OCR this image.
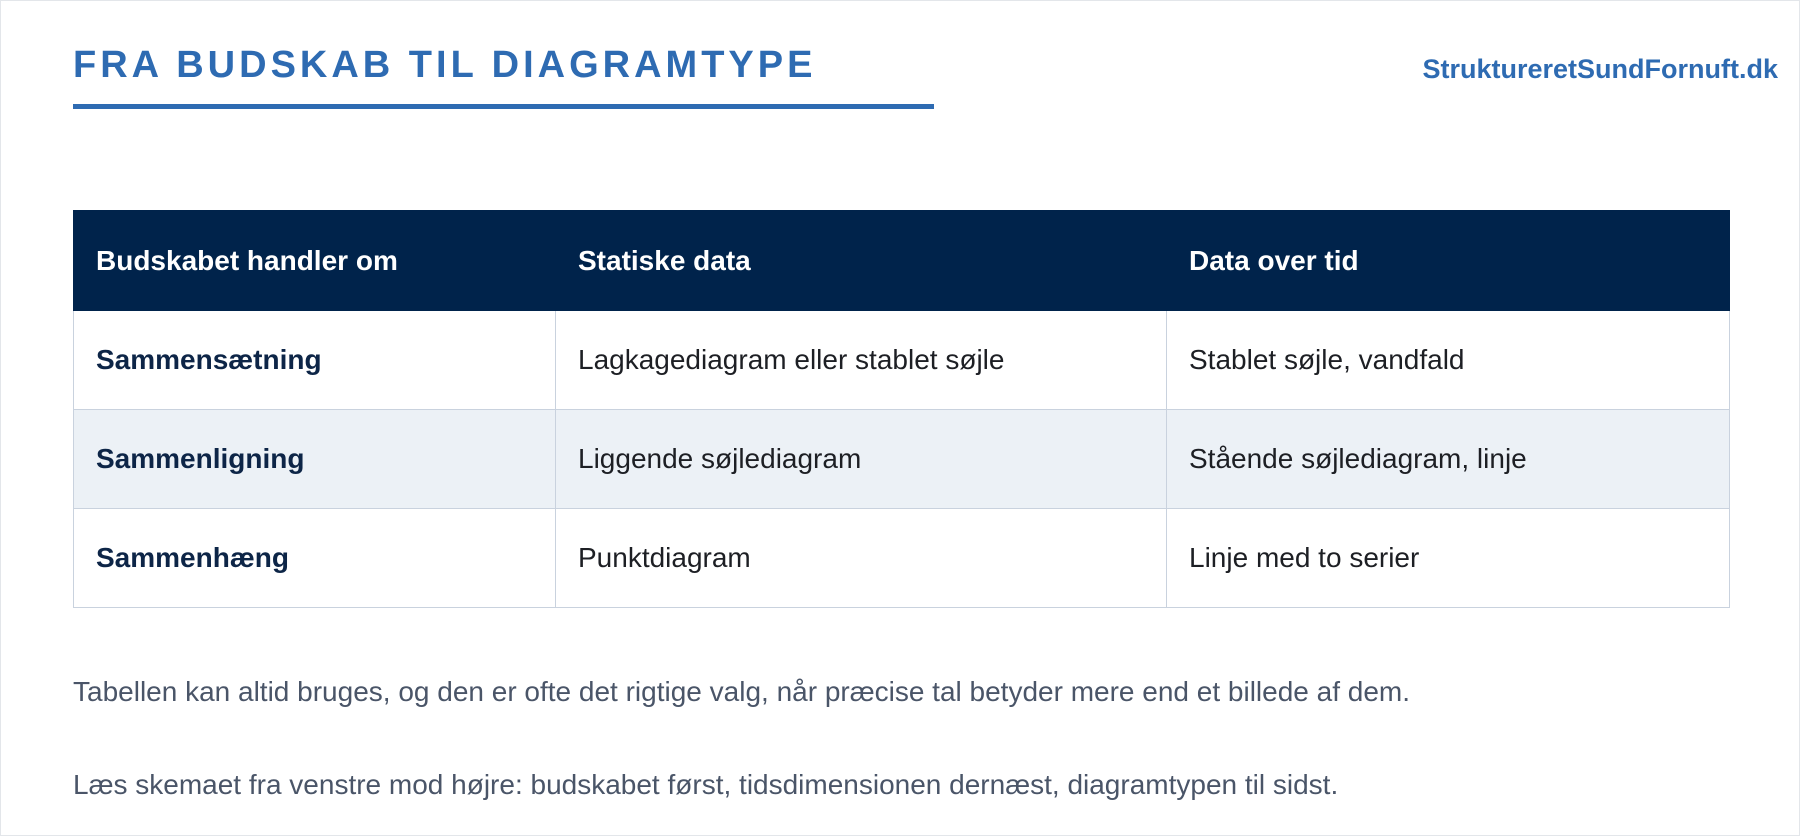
FRA BUDSKAB TIL DIAGRAMTYPE	StruktureretSundFornuft.dk
Budskabet handler om	Statiske data	Data over tid
Sammensætning	Lagkagediagram eller stablet søjle	Stablet søjle, vandfald
Sammenligning	Liggende søjlediagram	Stående søjlediagram, linje
Sammenhæng	Punktdiagram	Linje med to serier

Tabellen kan altid bruges, og den er ofte det rigtige valg, når præcise tal betyder mere end et billede af dem.

Læs skemaet fra venstre mod højre: budskabet først, tidsdimensionen dernæst, diagramtypen til sidst.
